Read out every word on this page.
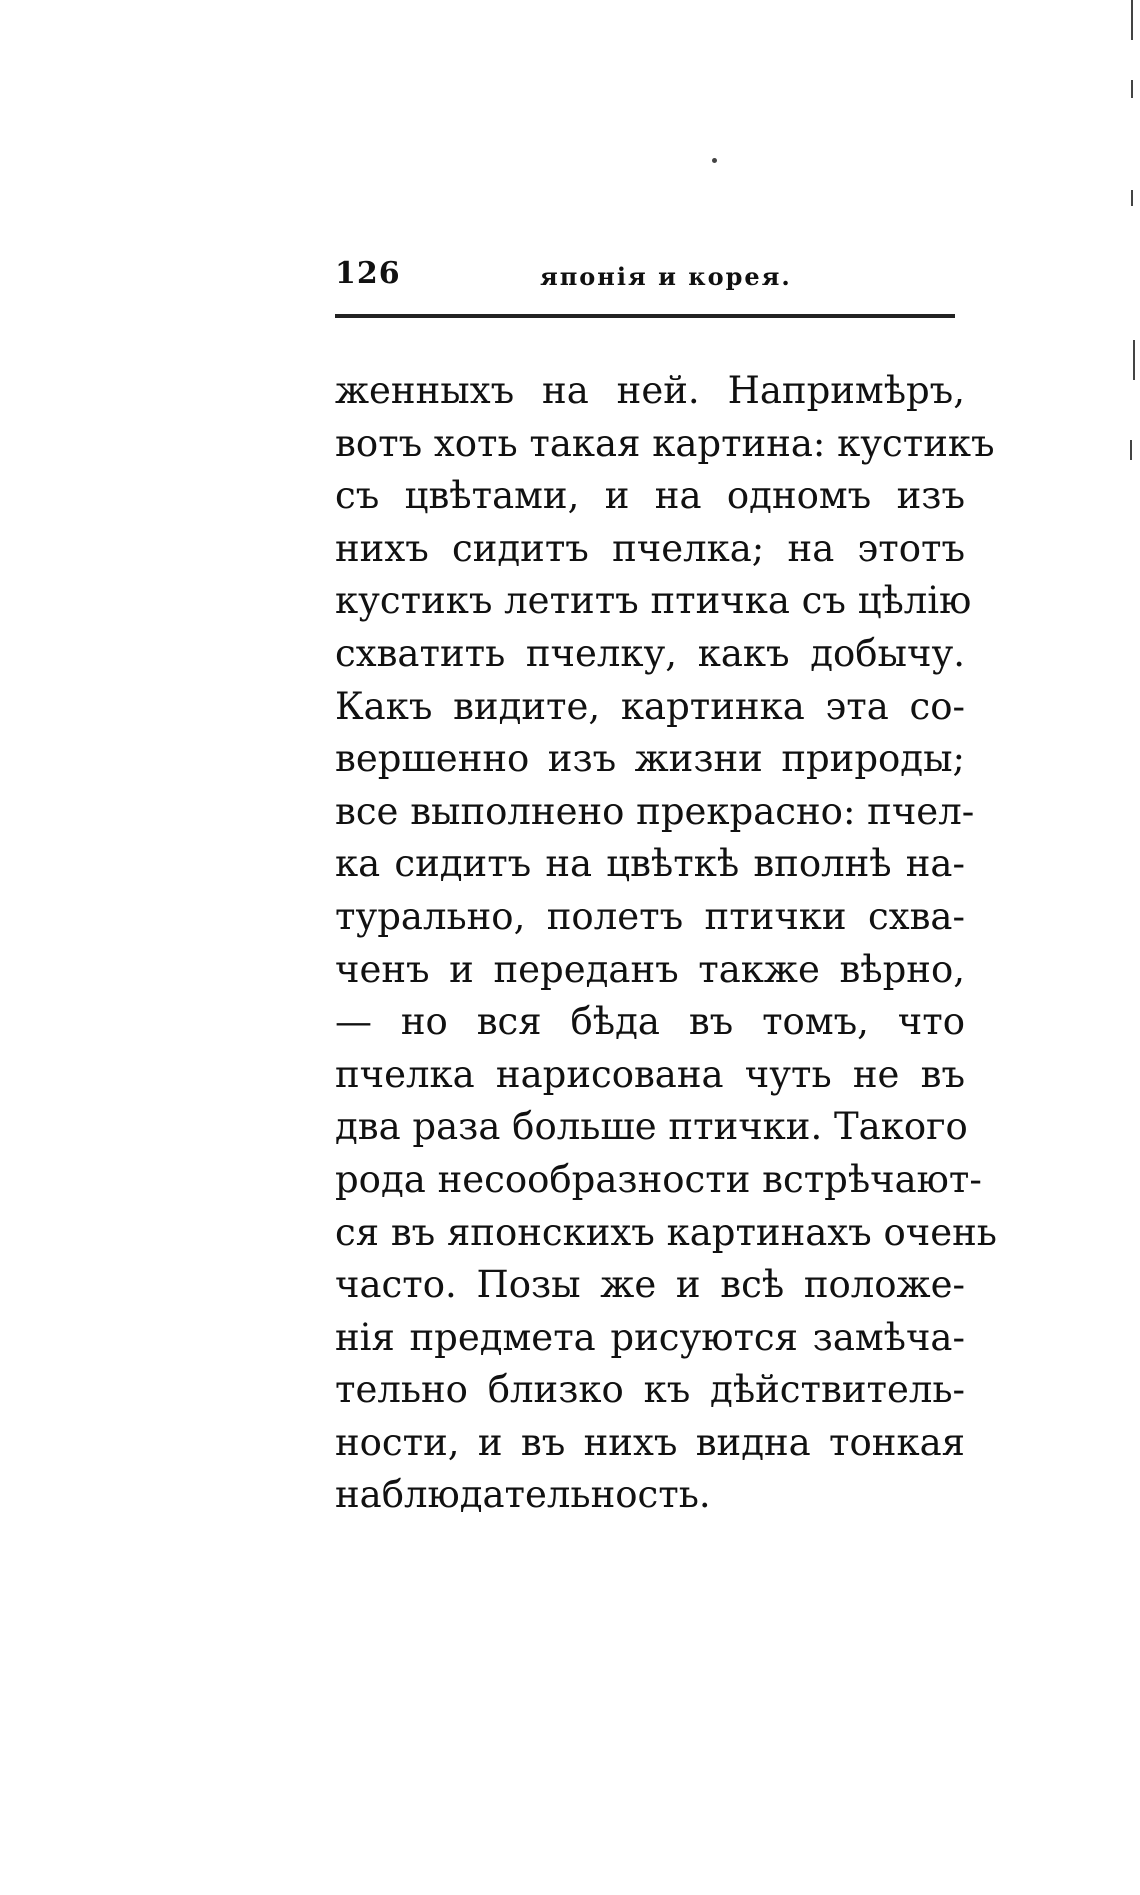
126	японія и корея.
женныхъ на ней. Напримѣръ,
вотъ хоть такая картина: кустикъ
съ цвѣтами, и на одномъ изъ
нихъ сидитъ пчелка; на этотъ
кустикъ летитъ птичка съ цѣлію
схватить пчелку, какъ добычу.
Какъ видите, картинка эта со-
вершенно изъ жизни природы;
все выполнено прекрасно: пчел-
ка сидитъ на цвѣткѣ вполнѣ на-
турально, полетъ птички схва-
ченъ и переданъ также вѣрно,
— но вся бѣда въ томъ, что
пчелка нарисована чуть не въ
два раза больше птички. Такого
рода несообразности встрѣчают-
ся въ японскихъ картинахъ очень
часто. Позы же и всѣ положе-
нія предмета рисуются замѣча-
тельно близко къ дѣйствитель-
ности, и въ нихъ видна тонкая
наблюдательность.
